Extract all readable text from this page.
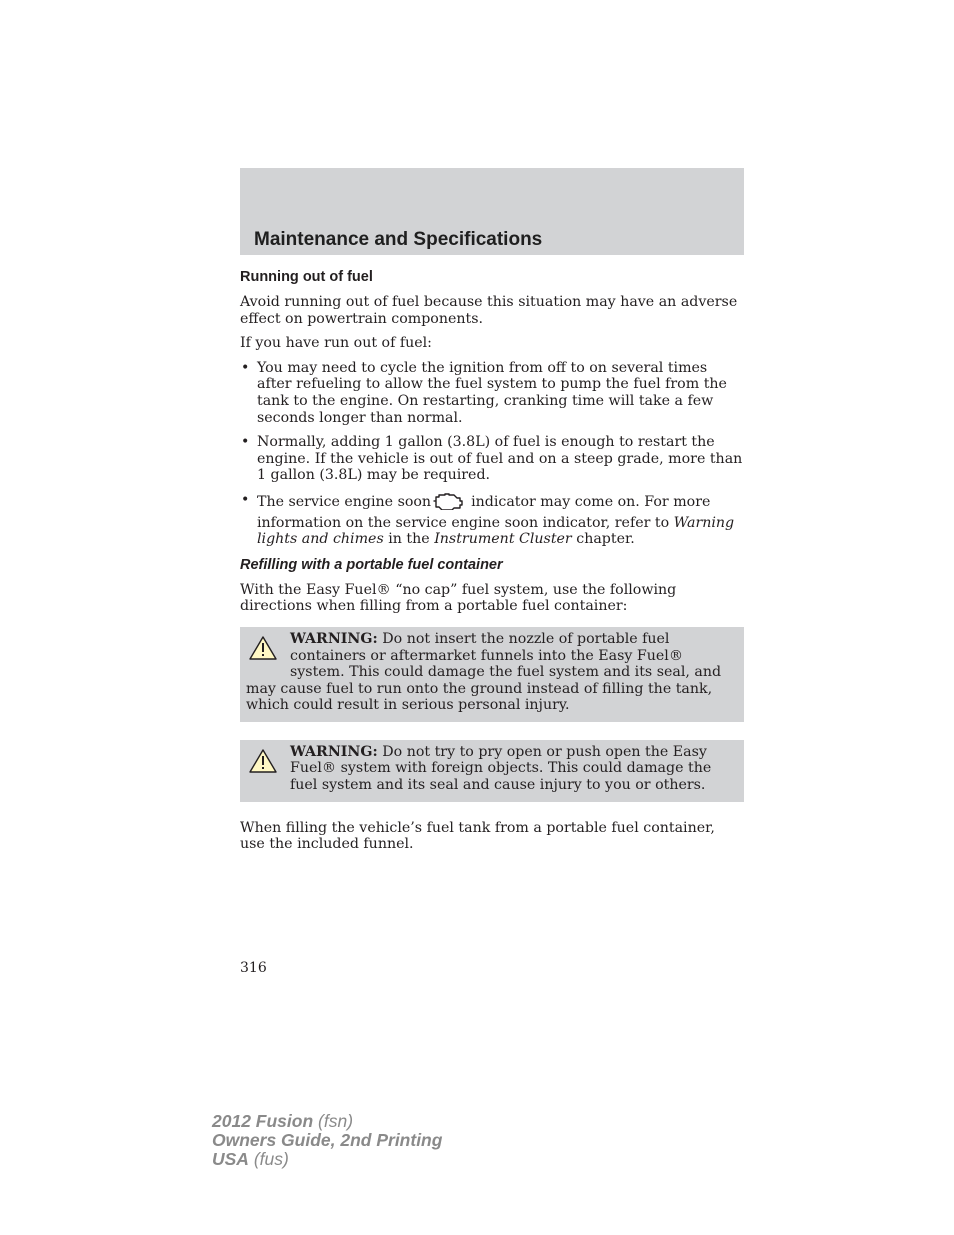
Maintenance and Specifications
Running out of fuel

Avoid running out of fuel because this situation may have an adverse effect on powertrain components.

If you have run out of fuel:

• You may need to cycle the ignition from off to on several times after refueling to allow the fuel system to pump the fuel from the tank to the engine. On restarting, cranking time will take a few seconds longer than normal.
• Normally, adding 1 gallon (3.8L) of fuel is enough to restart the engine. If the vehicle is out of fuel and on a steep grade, more than 1 gallon (3.8L) may be required.
• The service engine soon	indicator may come on. For more information on the service engine soon indicator, refer to Warning lights and chimes in the Instrument Cluster chapter.
Refilling with a portable fuel container

With the Easy Fuel® “no cap” fuel system, use the following directions when filling from a portable fuel container:

WARNING: Do not insert the nozzle of portable fuel containers or aftermarket funnels into the Easy Fuel® system. This could damage the fuel system and its seal, and may cause fuel to run onto the ground instead of filling the tank, which could result in serious personal injury.
WARNING: Do not try to pry open or push open the Easy Fuel® system with foreign objects. This could damage the fuel system and its seal and cause injury to you or others.

When filling the vehicle’s fuel tank from a portable fuel container, use the included funnel.

316
2012 Fusion (fsn)
Owners Guide, 2nd Printing
USA (fus)
